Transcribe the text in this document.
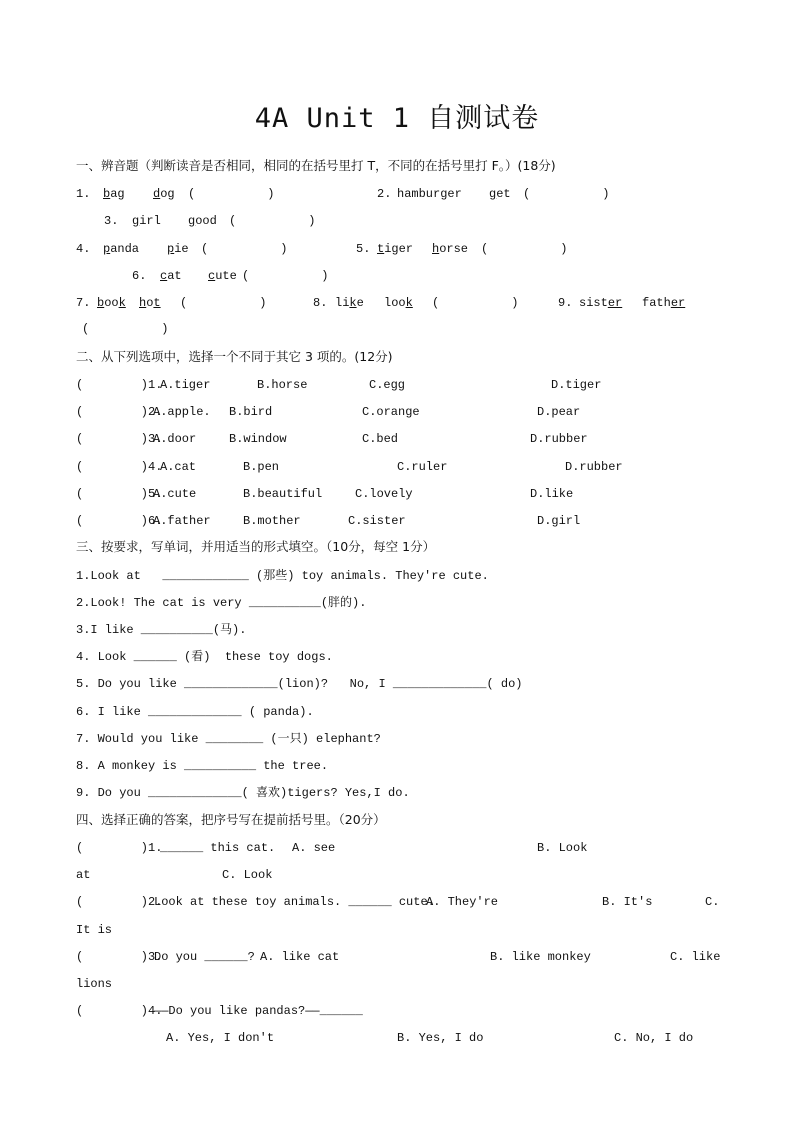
4A Unit 1 自测试卷
一、辨音题（判断读音是否相同，相同的在括号里打 T，不同的在括号里打 F。）(18分)
1. bag dog (          )	2. hamburger get (          )
3. girl good (          )
4. panda pie (          )	5. tiger horse (          )
6. cat cute (          )
7. book hot (          )	8. like look (          )	9. sister father
(          )
二、从下列选项中，选择一个不同于其它 3 项的。(12分)
(        )1.
A.tiger	B.horse	C.egg	D.tiger
(        )2.
A.apple. B.bird	C.orange	D.pear
(        )3.
A.door	B.window	C.bed	D.rubber
(        )4.
A.cat	B.pen	C.ruler	D.rubber
(        )5.
A.cute	B.beautiful	C.lovely	D.like
(        )6.
A.father	B.mother	C.sister	D.girl
三、按要求，写单词，并用适当的形式填空。（10分，每空 1分）
1.Look at   ____________ (那些) toy animals. They're cute.
2.Look! The cat is very __________(胖的).
3.I like __________(马).
4. Look ______ (看)  these toy dogs.
5. Do you like _____________(lion)?   No, I _____________( do)
6. I like _____________ ( panda).
7. Would you like ________ (一只) elephant?
8. A monkey is __________ the tree.
9. Do you _____________( 喜欢)tigers? Yes,I do.
四、选择正确的答案，把序号写在提前括号里。（20分）
(        )1.
______ this cat. A. see	B. Look
at	C. Look
(        )2.
Look at these toy animals. ______ cute.
A. They're	B. It's	C.
It is
(        )3.
Do you ______? A. like cat	B. like monkey	C. like
lions
(        )4.
——Do you like pandas?——______
A. Yes, I don't	B. Yes, I do	C. No, I do
